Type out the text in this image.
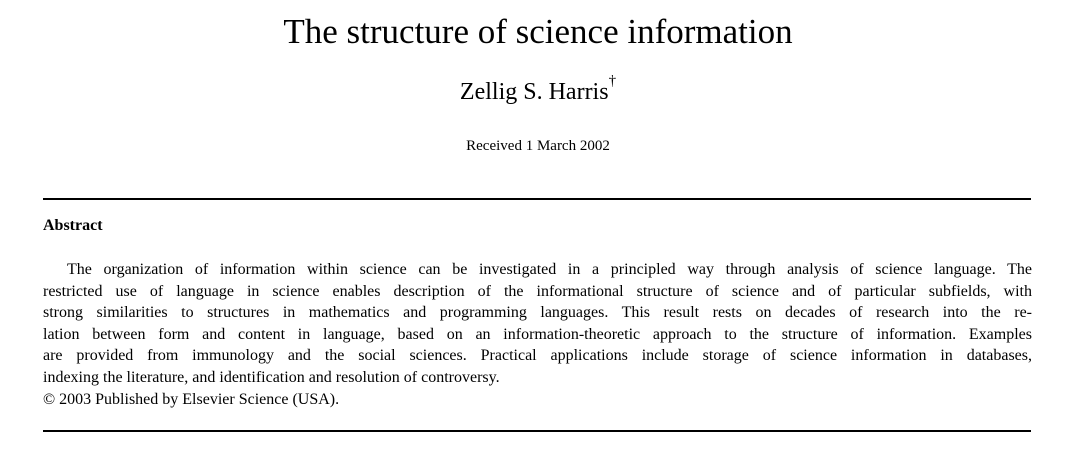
The structure of science information
Zellig S. Harris†
Received 1 March 2002
Abstract
The organization of information within science can be investigated in a principled way through analysis of science language. The
restricted use of language in science enables description of the informational structure of science and of particular subfields, with
strong similarities to structures in mathematics and programming languages. This result rests on decades of research into the re-
lation between form and content in language, based on an information-theoretic approach to the structure of information. Examples
are provided from immunology and the social sciences. Practical applications include storage of science information in databases,
indexing the literature, and identification and resolution of controversy.
© 2003 Published by Elsevier Science (USA).
